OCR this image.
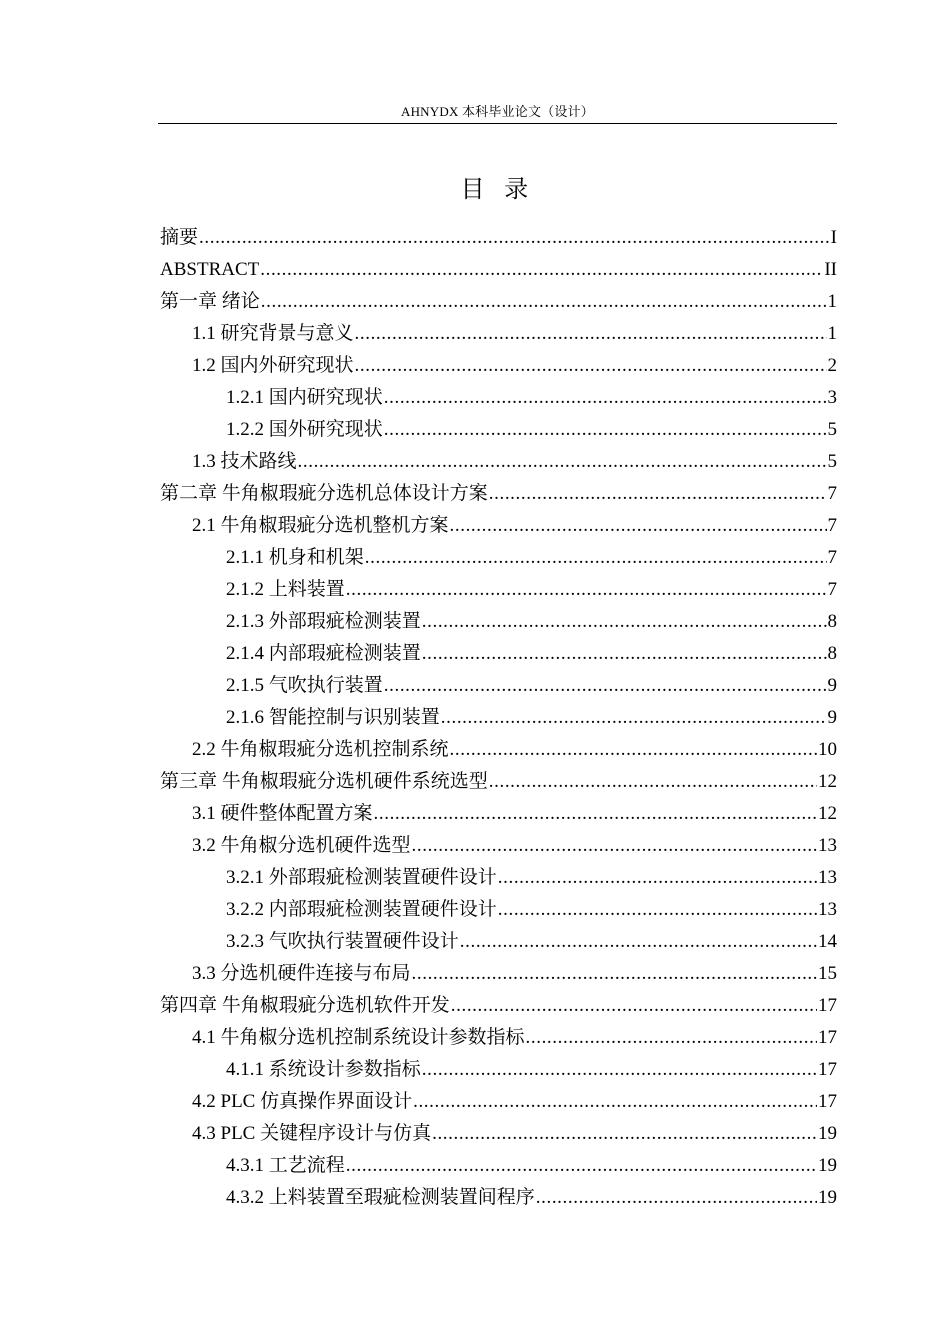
AHNYDX 本科毕业论文（设计）
目 录
摘要 .....	I
ABSTRACT .....	II
第一章 绪论 .....	1
1.1 研究背景与意义 .....	1
1.2 国内外研究现状 .....	2
1.2.1 国内研究现状 .....	3
1.2.2 国外研究现状 .....	5
1.3 技术路线 .....	5
第二章 牛角椒瑕疵分选机总体设计方案 .....	7
2.1 牛角椒瑕疵分选机整机方案 .....	7
2.1.1 机身和机架 .....	7
2.1.2 上料装置 .....	7
2.1.3 外部瑕疵检测装置 .....	8
2.1.4 内部瑕疵检测装置 .....	8
2.1.5 气吹执行装置 .....	9
2.1.6 智能控制与识别装置 .....	9
2.2 牛角椒瑕疵分选机控制系统 .....	10
第三章 牛角椒瑕疵分选机硬件系统选型 .....	12
3.1 硬件整体配置方案 .....	12
3.2 牛角椒分选机硬件选型 .....	13
3.2.1 外部瑕疵检测装置硬件设计 .....	13
3.2.2 内部瑕疵检测装置硬件设计 .....	13
3.2.3 气吹执行装置硬件设计 .....	14
3.3 分选机硬件连接与布局 .....	15
第四章 牛角椒瑕疵分选机软件开发 .....	17
4.1 牛角椒分选机控制系统设计参数指标 .....	17
4.1.1 系统设计参数指标 .....	17
4.2 PLC 仿真操作界面设计 .....	17
4.3 PLC 关键程序设计与仿真 .....	19
4.3.1 工艺流程 .....	19
4.3.2 上料装置至瑕疵检测装置间程序 .....	19
